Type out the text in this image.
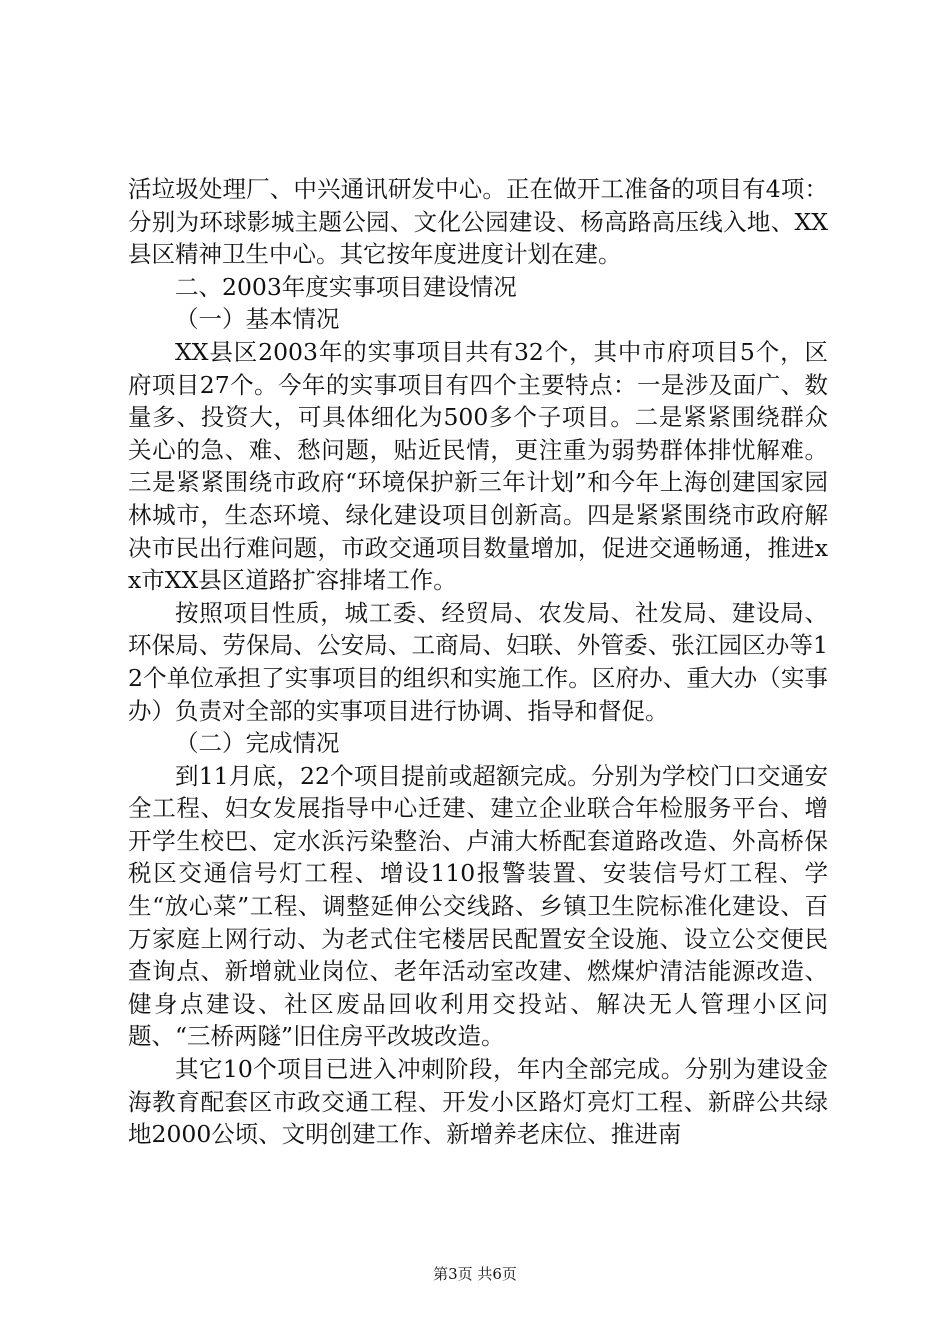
活垃圾处理厂、中兴通讯研发中心。正在做开工准备的项目有4项：分别为环球影城主题公园、文化公园建设、杨高路高压线入地、XX县区精神卫生中心。其它按年度进度计划在建。

二、2003年度实事项目建设情况

（一）基本情况

XX县区2003年的实事项目共有32个，其中市府项目5个，区府项目27个。今年的实事项目有四个主要特点：一是涉及面广、数量多、投资大，可具体细化为500多个子项目。二是紧紧围绕群众关心的急、难、愁问题，贴近民情，更注重为弱势群体排忧解难。三是紧紧围绕市政府“环境保护新三年计划”和今年上海创建国家园林城市，生态环境、绿化建设项目创新高。四是紧紧围绕市政府解决市民出行难问题，市政交通项目数量增加，促进交通畅通，推进xx市XX县区道路扩容排堵工作。

按照项目性质，城工委、经贸局、农发局、社发局、建设局、环保局、劳保局、公安局、工商局、妇联、外管委、张江园区办等12个单位承担了实事项目的组织和实施工作。区府办、重大办（实事办）负责对全部的实事项目进行协调、指导和督促。

（二）完成情况

到11月底，22个项目提前或超额完成。分别为学校门口交通安全工程、妇女发展指导中心迁建、建立企业联合年检服务平台、增开学生校巴、定水浜污染整治、卢浦大桥配套道路改造、外高桥保税区交通信号灯工程、增设110报警装置、安装信号灯工程、学生“放心菜”工程、调整延伸公交线路、乡镇卫生院标准化建设、百万家庭上网行动、为老式住宅楼居民配置安全设施、设立公交便民查询点、新增就业岗位、老年活动室改建、燃煤炉清洁能源改造、健身点建设、社区废品回收利用交投站、解决无人管理小区问题、“三桥两隧”旧住房平改坡改造。

其它10个项目已进入冲刺阶段，年内全部完成。分别为建设金海教育配套区市政交通工程、开发小区路灯亮灯工程、新辟公共绿地2000公顷、文明创建工作、新增养老床位、推进南

第3页 共6页
